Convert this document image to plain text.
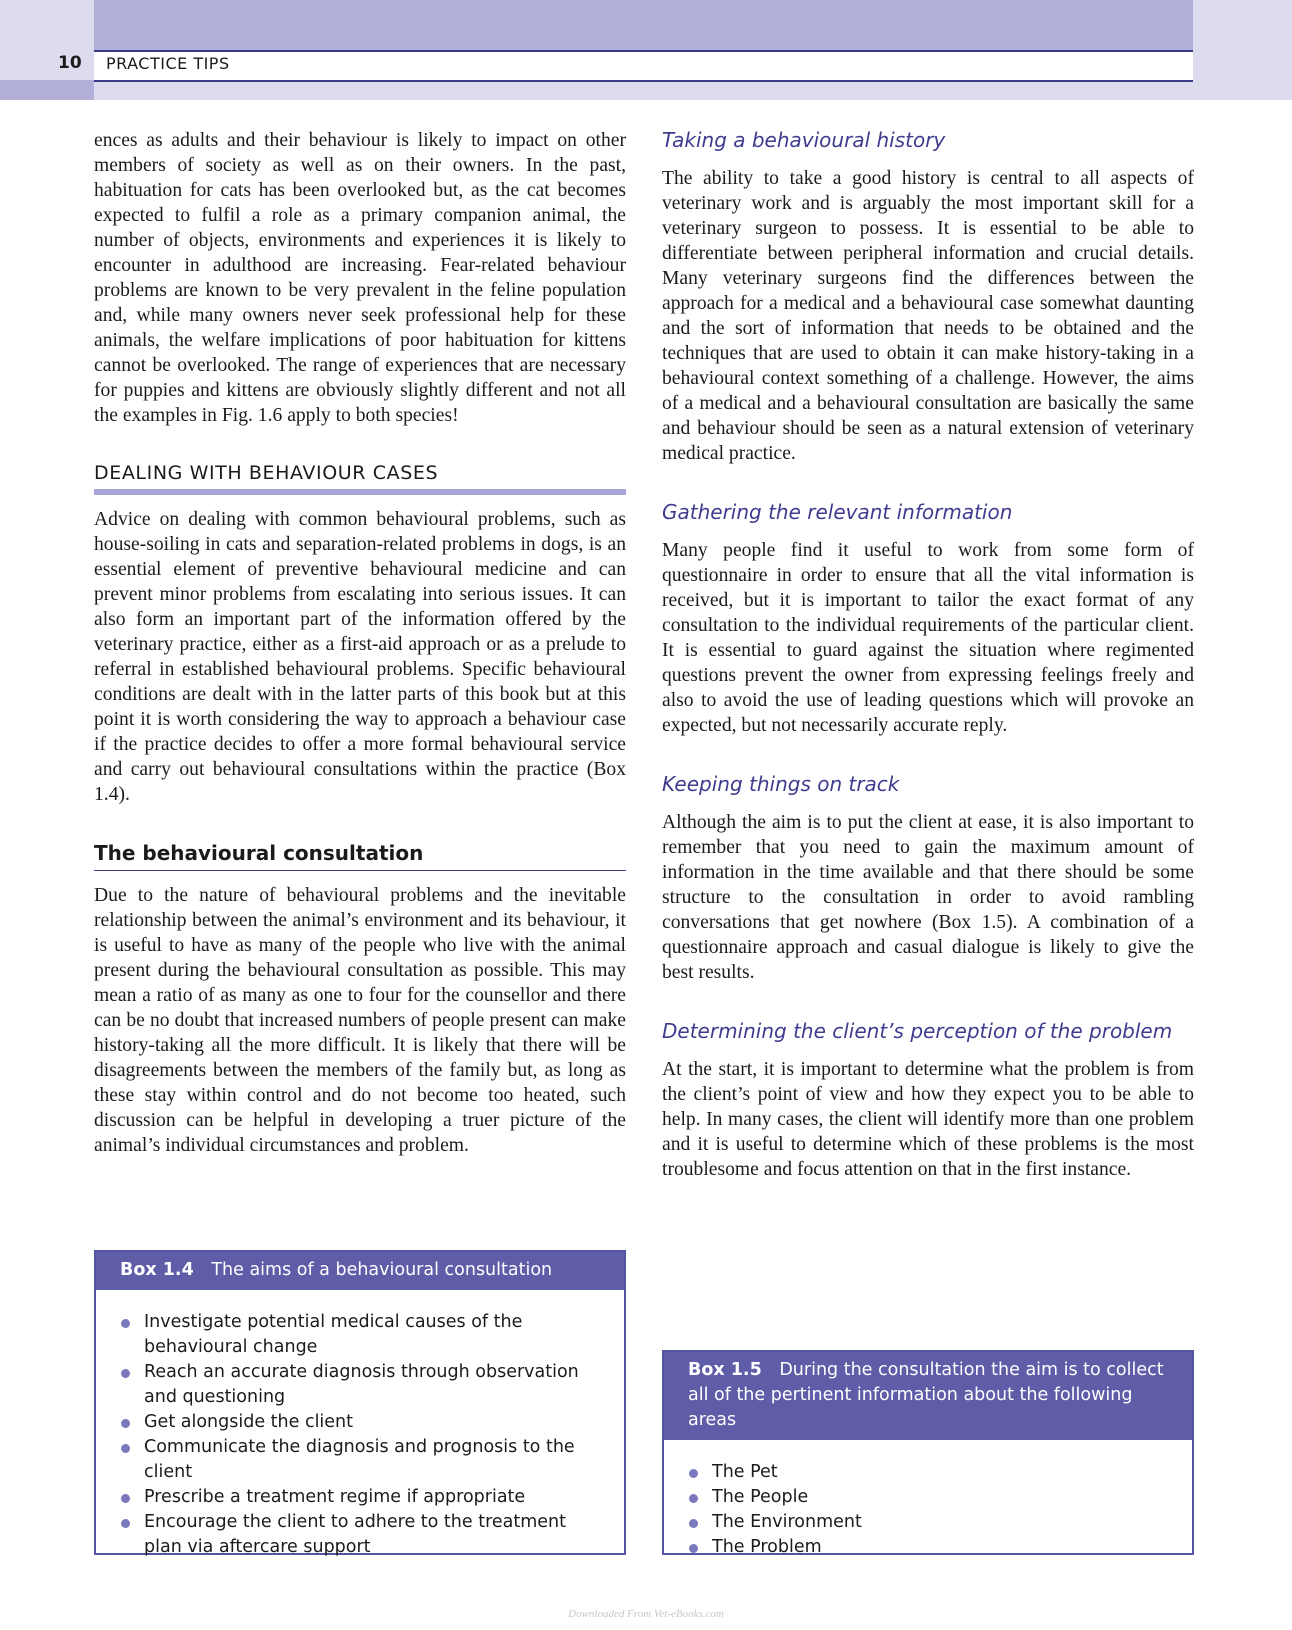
10 PRACTICE TIPS

ences as adults and their behaviour is likely to impact on other members of society as well as on their owners. In the past, habituation for cats has been overlooked but, as the cat becomes expected to fulfil a role as a primary companion animal, the number of objects, environments and experiences it is likely to encounter in adulthood are increasing. Fear-related behaviour problems are known to be very prevalent in the feline population and, while many owners never seek professional help for these animals, the welfare implications of poor habituation for kittens cannot be overlooked. The range of experiences that are necessary for puppies and kittens are obviously slightly different and not all the examples in Fig. 1.6 apply to both species!

DEALING WITH BEHAVIOUR CASES

Advice on dealing with common behavioural problems, such as house-soiling in cats and separation-related problems in dogs, is an essential element of preventive behavioural medicine and can prevent minor problems from escalating into serious issues. It can also form an important part of the information offered by the veterinary practice, either as a first-aid approach or as a prelude to referral in established behavioural problems. Specific behavioural conditions are dealt with in the latter parts of this book but at this point it is worth considering the way to approach a behaviour case if the practice decides to offer a more formal behavioural service and carry out behavioural consultations within the practice (Box 1.4).

The behavioural consultation

Due to the nature of behavioural problems and the inevitable relationship between the animal’s environment and its behaviour, it is useful to have as many of the people who live with the animal present during the behavioural consultation as possible. This may mean a ratio of as many as one to four for the counsellor and there can be no doubt that increased numbers of people present can make history-taking all the more difficult. It is likely that there will be disagreements between the members of the family but, as long as these stay within control and do not become too heated, such discussion can be helpful in developing a truer picture of the animal’s individual circumstances and problem.

Taking a behavioural history

The ability to take a good history is central to all aspects of veterinary work and is arguably the most important skill for a veterinary surgeon to possess. It is essential to be able to differentiate between peripheral information and crucial details. Many veterinary surgeons find the differences between the approach for a medical and a behavioural case somewhat daunting and the sort of information that needs to be obtained and the techniques that are used to obtain it can make history-taking in a behavioural context something of a challenge. However, the aims of a medical and a behavioural consultation are basically the same and behaviour should be seen as a natural extension of veterinary medical practice.

Gathering the relevant information

Many people find it useful to work from some form of questionnaire in order to ensure that all the vital information is received, but it is important to tailor the exact format of any consultation to the individual requirements of the particular client. It is essential to guard against the situation where regimented questions prevent the owner from expressing feelings freely and also to avoid the use of leading questions which will provoke an expected, but not necessarily accurate reply.

Keeping things on track

Although the aim is to put the client at ease, it is also important to remember that you need to gain the maximum amount of information in the time available and that there should be some structure to the consultation in order to avoid rambling conversations that get nowhere (Box 1.5). A combination of a questionnaire approach and casual dialogue is likely to give the best results.

Determining the client’s perception of the problem

At the start, it is important to determine what the problem is from the client’s point of view and how they expect you to be able to help. In many cases, the client will identify more than one problem and it is useful to determine which of these problems is the most troublesome and focus attention on that in the first instance.

Box 1.4 The aims of a behavioural consultation
Investigate potential medical causes of the behavioural change
Reach an accurate diagnosis through observation and questioning
Get alongside the client
Communicate the diagnosis and prognosis to the client
Prescribe a treatment regime if appropriate
Encourage the client to adhere to the treatment plan via aftercare support
Box 1.5 During the consultation the aim is to collect all of the pertinent information about the following areas
The Pet
The People
The Environment
The Problem
Downloaded From Vet-eBooks.com
